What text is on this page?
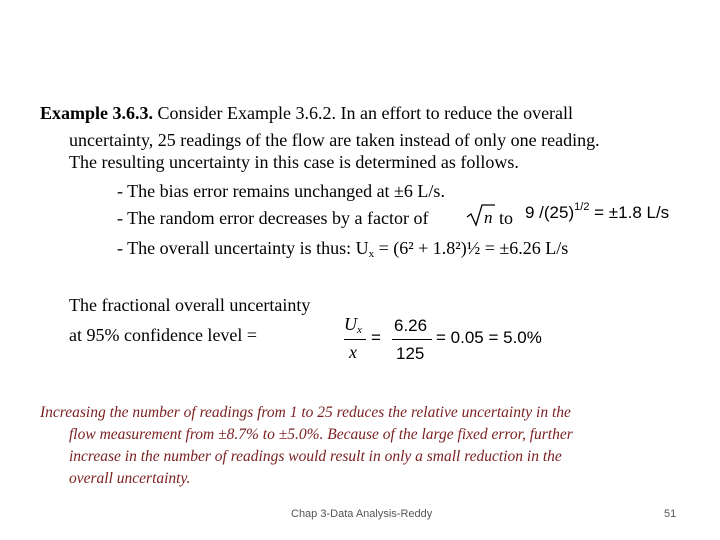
Example 3.6.3. Consider Example 3.6.2. In an effort to reduce the overall
uncertainty, 25 readings of the flow are taken instead of only one reading.
The resulting uncertainty in this case is determined as follows.
- The bias error remains unchanged at ±6 L/s.
- The random error decreases by a factor of	n to 9 $/(25)^{1/2} = \pm 1.8$ L/s
- The overall uncertainty is thus: $U_x = (6^2$ + 1.8²)½ = ±6.26 L/s
The fractional overall uncertainty
at 95% confidence level =
$U_x$
x
=
6.26
125
= 0.05 = 5.0%
Increasing the number of readings from 1 to 25 reduces the relative uncertainty in the
flow measurement from ±8.7% to ±5.0%. Because of the large fixed error, further
increase in the number of readings would result in only a small reduction in the
overall uncertainty.
Chap 3-Data Analysis-Reddy	51
